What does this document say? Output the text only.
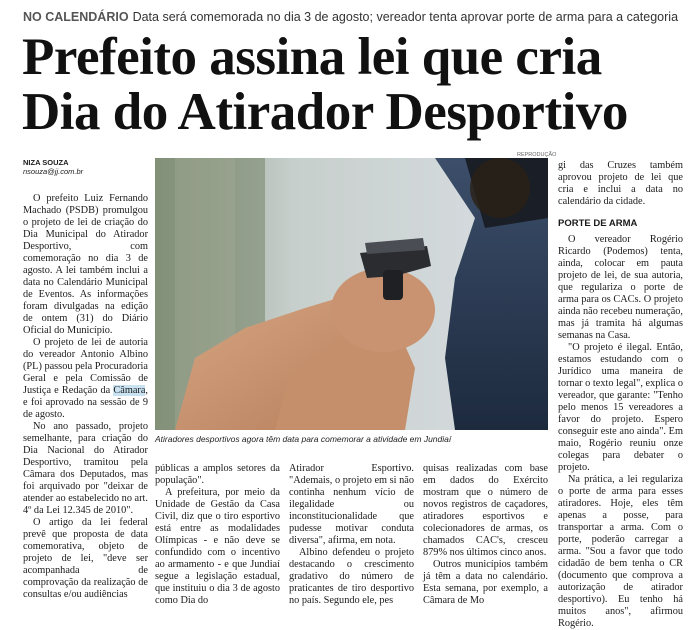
NO CALENDÁRIO Data será comemorada no dia 3 de agosto; vereador tenta aprovar porte de arma para a categoria
Prefeito assina lei que cria
Dia do Atirador Desportivo
NIZA SOUZA
nsouza@jj.com.br
REPRODUÇÃO
Atiradores desportivos agora têm data para comemorar a atividade em Jundiaí

O prefeito Luiz Fernando Machado (PSDB) promulgou o projeto de lei de criação do Dia Municipal do Atirador Desportivo, com comemoração no dia 3 de agosto. A lei também inclui a data no Calendário Municipal de Eventos. As informações foram divulgadas na edição de ontem (31) do Diário Oficial do Município.

O projeto de lei de autoria do vereador Antonio Albino (PL) passou pela Procuradoria Geral e pela Comissão de Justiça e Redação da Câmara, e foi aprovado na sessão de 9 de agosto.

No ano passado, projeto semelhante, para criação do Dia Nacional do Atirador Desportivo, tramitou pela Câmara dos Deputados, mas foi arquivado por "deixar de atender ao estabelecido no art. 4º da Lei 12.345 de 2010".

O artigo da lei federal prevê que proposta de data comemorativa, objeto de projeto de lei, "deve ser acompanhada de comprovação da realização de consultas e/ou audiências

públicas a amplos setores da população".

A prefeitura, por meio da Unidade de Gestão da Casa Civil, diz que o tiro esportivo está entre as modalidades Olímpicas - e não deve se confundido com o incentivo ao armamento - e que Jundiaí segue a legislação estadual, que instituiu o dia 3 de agosto como Dia do

Atirador Esportivo. "Ademais, o projeto em si não continha nenhum vício de ilegalidade ou inconstitucionalidade que pudesse motivar conduta diversa", afirma, em nota.

Albino defendeu o projeto destacando o crescimento gradativo do número de praticantes de tiro desportivo no país. Segundo ele, pes

quisas realizadas com base em dados do Exército mostram que o número de novos registros de caçadores, atiradores esportivos e colecionadores de armas, os chamados CAC's, cresceu 879% nos últimos cinco anos.

Outros municípios também já têm a data no calendário. Esta semana, por exemplo, a Câmara de Mo

gi das Cruzes também aprovou projeto de lei que cria e inclui a data no calendário da cidade.

PORTE DE ARMA

O vereador Rogério Ricardo (Podemos) tenta, ainda, colocar em pauta projeto de lei, de sua autoria, que regulariza o porte de arma para os CACs. O projeto ainda não recebeu numeração, mas já tramita há algumas semanas na Casa.

"O projeto é ilegal. Então, estamos estudando com o Jurídico uma maneira de tornar o texto legal", explica o vereador, que garante: "Tenho pelo menos 15 vereadores a favor do projeto. Espero conseguir este ano ainda". Em maio, Rogério reuniu onze colegas para debater o projeto.

Na prática, a lei regulariza o porte de arma para esses atiradores. Hoje, eles têm apenas a posse, para transportar a arma. Com o porte, poderão carregar a arma. "Sou a favor que todo cidadão de bem tenha o CR (documento que comprova a autorização de atirador desportivo). Eu tenho há muitos anos", afirmou Rogério.
